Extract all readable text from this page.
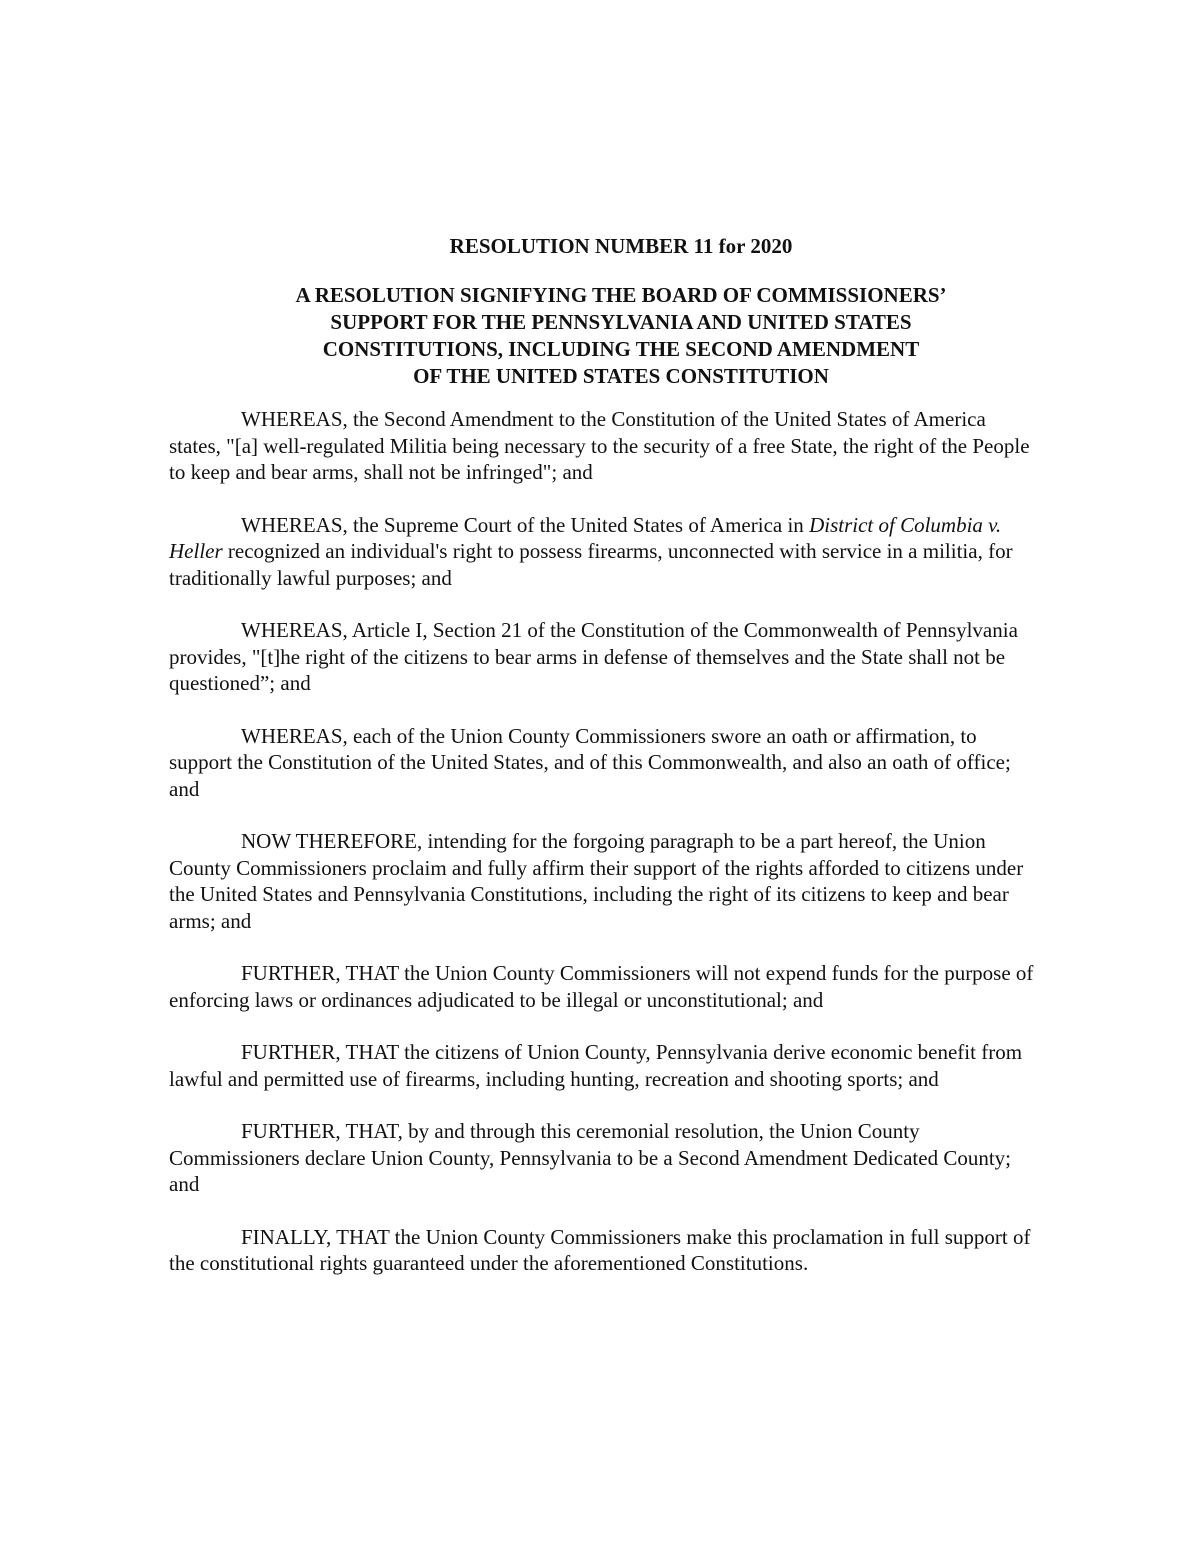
RESOLUTION NUMBER 11 for 2020
A RESOLUTION SIGNIFYING THE BOARD OF COMMISSIONERS’
SUPPORT FOR THE PENNSYLVANIA AND UNITED STATES
CONSTITUTIONS, INCLUDING THE SECOND AMENDMENT
OF THE UNITED STATES CONSTITUTION

WHEREAS, the Second Amendment to the Constitution of the United States of America states, "[a] well-regulated Militia being necessary to the security of a free State, the right of the People to keep and bear arms, shall not be infringed"; and

WHEREAS, the Supreme Court of the United States of America in District of Columbia v. Heller recognized an individual's right to possess firearms, unconnected with service in a militia, for traditionally lawful purposes; and

WHEREAS, Article I, Section 21 of the Constitution of the Commonwealth of Pennsylvania provides, "[t]he right of the citizens to bear arms in defense of themselves and the State shall not be questioned”; and

WHEREAS, each of the Union County Commissioners swore an oath or affirmation, to support the Constitution of the United States, and of this Commonwealth, and also an oath of office; and

NOW THEREFORE, intending for the forgoing paragraph to be a part hereof, the Union County Commissioners proclaim and fully affirm their support of the rights afforded to citizens under the United States and Pennsylvania Constitutions, including the right of its citizens to keep and bear arms; and

FURTHER, THAT the Union County Commissioners will not expend funds for the purpose of enforcing laws or ordinances adjudicated to be illegal or unconstitutional; and

FURTHER, THAT the citizens of Union County, Pennsylvania derive economic benefit from lawful and permitted use of firearms, including hunting, recreation and shooting sports; and

FURTHER, THAT, by and through this ceremonial resolution, the Union County Commissioners declare Union County, Pennsylvania to be a Second Amendment Dedicated County; and

FINALLY, THAT the Union County Commissioners make this proclamation in full support of the constitutional rights guaranteed under the aforementioned Constitutions.
